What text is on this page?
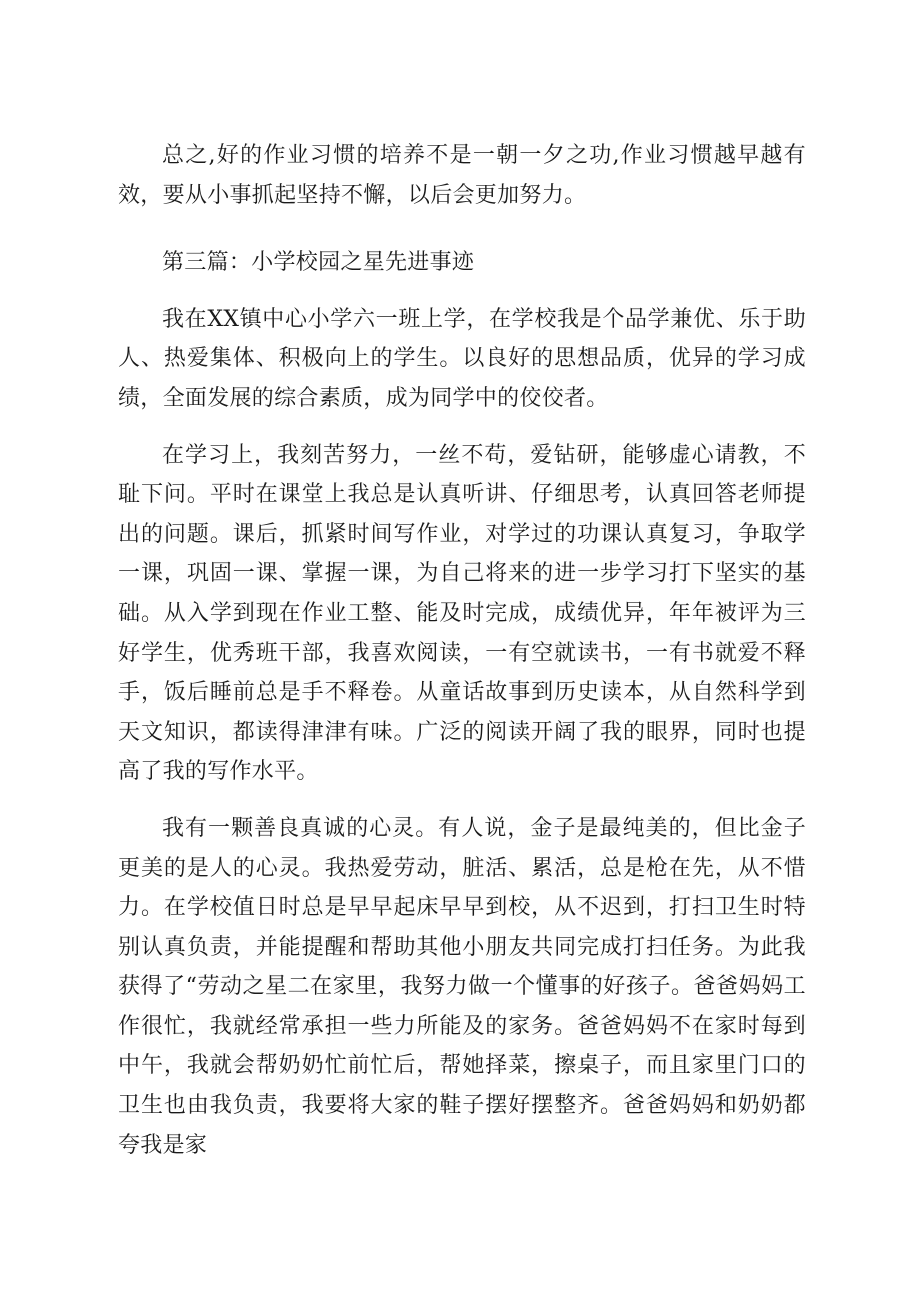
总之,好的作业习惯的培养不是一朝一夕之功,作业习惯越早越有效，要从小事抓起坚持不懈，以后会更加努力。

第三篇：小学校园之星先进事迹

我在XX镇中心小学六一班上学，在学校我是个品学兼优、乐于助人、热爱集体、积极向上的学生。以良好的思想品质，优异的学习成绩，全面发展的综合素质，成为同学中的佼佼者。

在学习上，我刻苦努力，一丝不苟，爱钻研，能够虚心请教，不耻下问。平时在课堂上我总是认真听讲、仔细思考，认真回答老师提出的问题。课后，抓紧时间写作业，对学过的功课认真复习，争取学一课，巩固一课、掌握一课，为自己将来的进一步学习打下坚实的基础。从入学到现在作业工整、能及时完成，成绩优异，年年被评为三好学生，优秀班干部，我喜欢阅读，一有空就读书，一有书就爱不释手，饭后睡前总是手不释卷。从童话故事到历史读本，从自然科学到天文知识，都读得津津有味。广泛的阅读开阔了我的眼界，同时也提高了我的写作水平。

我有一颗善良真诚的心灵。有人说，金子是最纯美的，但比金子更美的是人的心灵。我热爱劳动，脏活、累活，总是枪在先，从不惜力。在学校值日时总是早早起床早早到校，从不迟到，打扫卫生时特别认真负责，并能提醒和帮助其他小朋友共同完成打扫任务。为此我获得了“劳动之星二在家里，我努力做一个懂事的好孩子。爸爸妈妈工作很忙，我就经常承担一些力所能及的家务。爸爸妈妈不在家时每到中午，我就会帮奶奶忙前忙后，帮她择菜，擦桌子，而且家里门口的卫生也由我负责，我要将大家的鞋子摆好摆整齐。爸爸妈妈和奶奶都夸我是家
